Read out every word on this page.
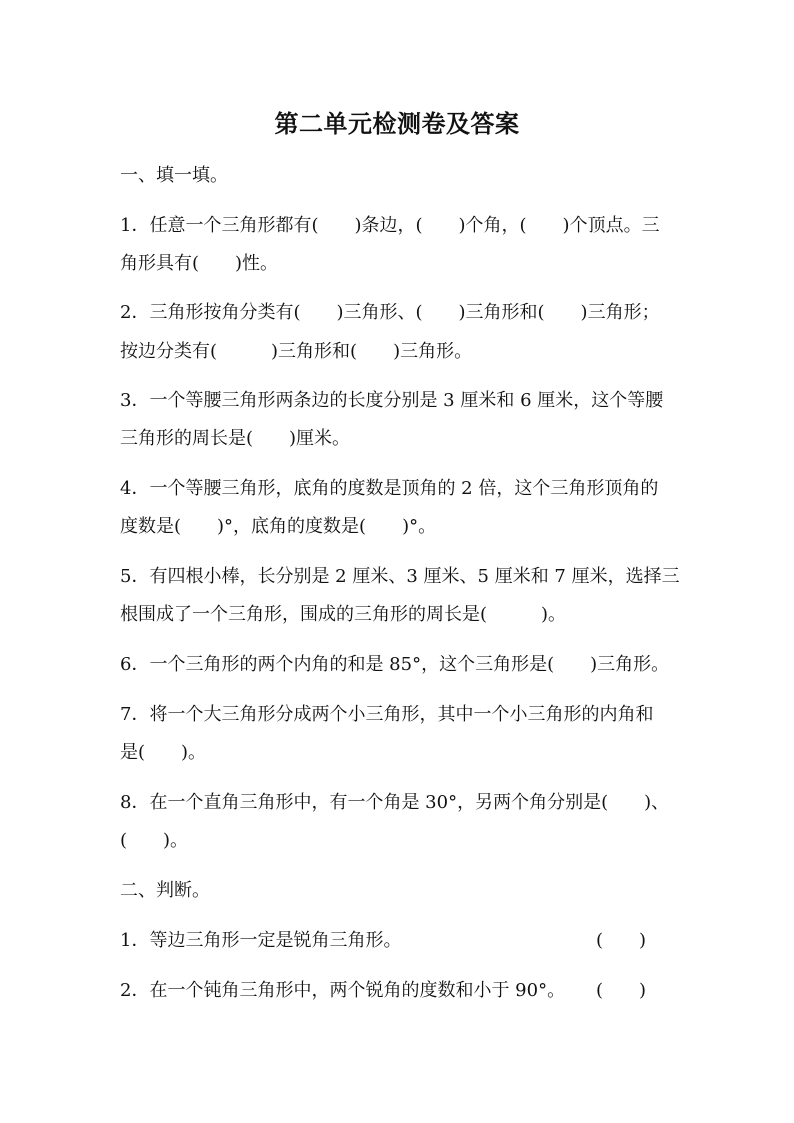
第二单元检测卷及答案
一、填一填。
1．任意一个三角形都有(　　)条边，(　　)个角，(　　)个顶点。三
角形具有(　　)性。
2．三角形按角分类有(　　)三角形、(　　)三角形和(　　)三角形；
按边分类有(　　　)三角形和(　　)三角形。
3．一个等腰三角形两条边的长度分别是 3 厘米和 6 厘米，这个等腰
三角形的周长是(　　)厘米。
4．一个等腰三角形，底角的度数是顶角的 2 倍，这个三角形顶角的
度数是(　　)°，底角的度数是(　　)°。
5．有四根小棒，长分别是 2 厘米、3 厘米、5 厘米和 7 厘米，选择三
根围成了一个三角形，围成的三角形的周长是(　　　)。
6．一个三角形的两个内角的和是 85°，这个三角形是(　　)三角形。
7．将一个大三角形分成两个小三角形，其中一个小三角形的内角和
是(　　)。
8．在一个直角三角形中，有一个角是 30°，另两个角分别是(　　)、
(　　)。
二、判断。
1．等边三角形一定是锐角三角形。	(　　)
2．在一个钝角三角形中，两个锐角的度数和小于 90°。 (　　)
